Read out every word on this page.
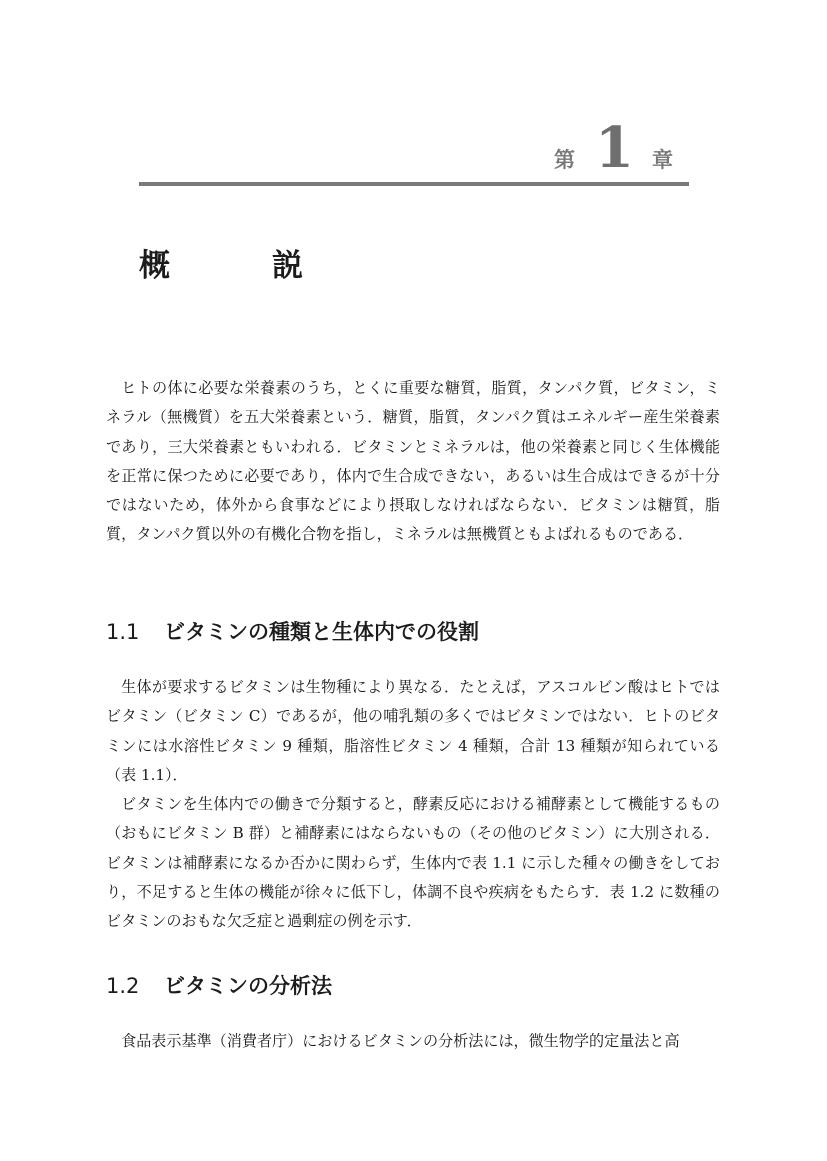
第 1 章
概説

ヒトの体に必要な栄養素のうち，とくに重要な糖質，脂質，タンパク質，ビタミン，ミネラル（無機質）を五大栄養素という．糖質，脂質，タンパク質はエネルギー産生栄養素であり，三大栄養素ともいわれる．ビタミンとミネラルは，他の栄養素と同じく生体機能を正常に保つために必要であり，体内で生合成できない，あるいは生合成はできるが十分ではないため，体外から食事などにより摂取しなければならない．ビタミンは糖質，脂質，タンパク質以外の有機化合物を指し，ミネラルは無機質ともよばれるものである．

1.1 ビタミンの種類と生体内での役割

生体が要求するビタミンは生物種により異なる．たとえば，アスコルビン酸はヒトではビタミン（ビタミン C）であるが，他の哺乳類の多くではビタミンではない．ヒトのビタミンには水溶性ビタミン 9 種類，脂溶性ビタミン 4 種類，合計 13 種類が知られている（表 1.1）．

ビタミンを生体内での働きで分類すると，酵素反応における補酵素として機能するもの（おもにビタミン B 群）と補酵素にはならないもの（その他のビタミン）に大別される．ビタミンは補酵素になるか否かに関わらず，生体内で表 1.1 に示した種々の働きをしており，不足すると生体の機能が徐々に低下し，体調不良や疾病をもたらす．表 1.2 に数種のビタミンのおもな欠乏症と過剰症の例を示す．

1.2 ビタミンの分析法

食品表示基準（消費者庁）におけるビタミンの分析法には，微生物学的定量法と高
